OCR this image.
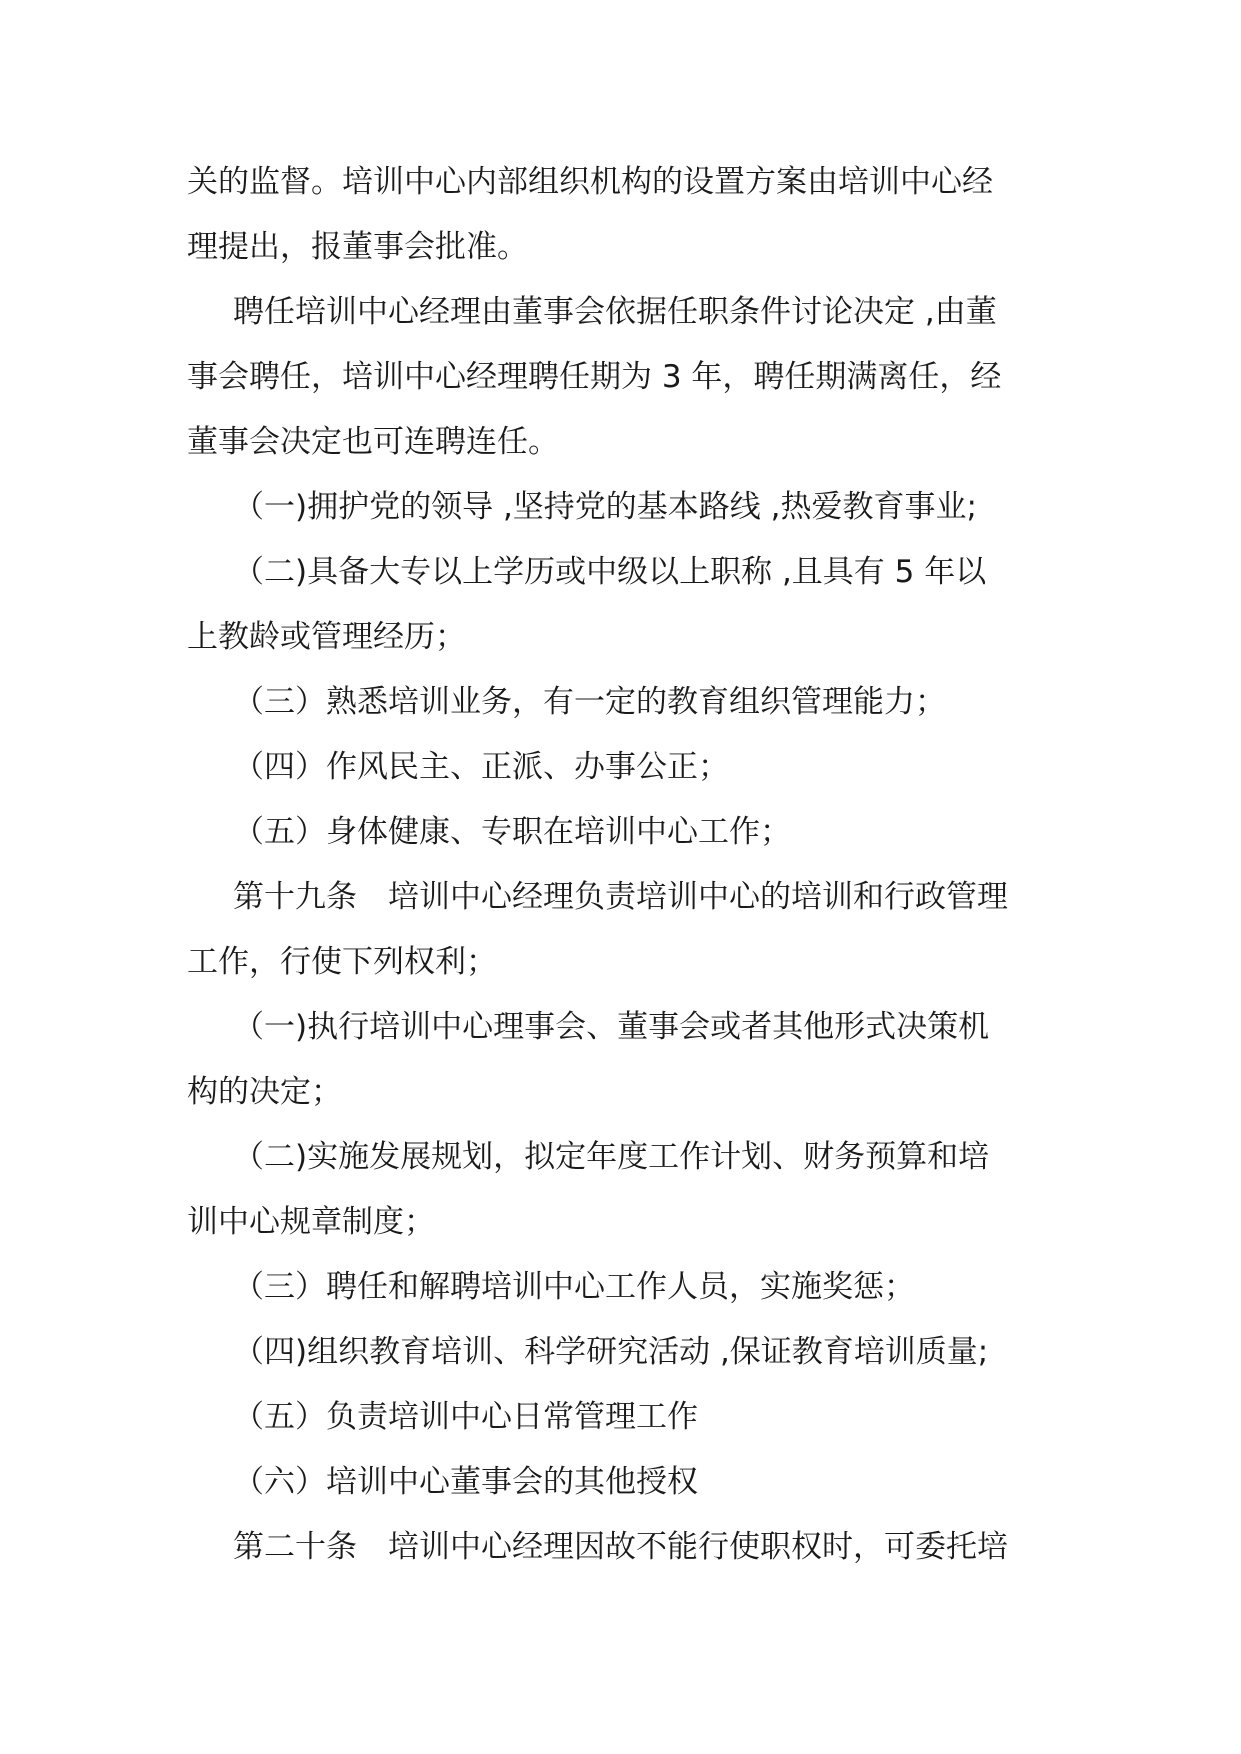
关的监督。培训中心内部组织机构的设置方案由培训中心经

理提出，报董事会批准。

聘任培训中心经理由董事会依据任职条件讨论决定 ,由董

事会聘任，培训中心经理聘任期为 3 年，聘任期满离任，经

董事会决定也可连聘连任。

（一)拥护党的领导 ,坚持党的基本路线 ,热爱教育事业;

（二)具备大专以上学历或中级以上职称 ,且具有 5 年以

上教龄或管理经历；

（三）熟悉培训业务，有一定的教育组织管理能力；

（四）作风民主、正派、办事公正；

（五）身体健康、专职在培训中心工作；

第十九条　培训中心经理负责培训中心的培训和行政管理

工作，行使下列权利；

（一)执行培训中心理事会、董事会或者其他形式决策机

构的决定；

（二)实施发展规划，拟定年度工作计划、财务预算和培

训中心规章制度；

（三）聘任和解聘培训中心工作人员，实施奖惩；

（四)组织教育培训、科学研究活动 ,保证教育培训质量;

（五）负责培训中心日常管理工作

（六）培训中心董事会的其他授权

第二十条　培训中心经理因故不能行使职权时，可委托培
